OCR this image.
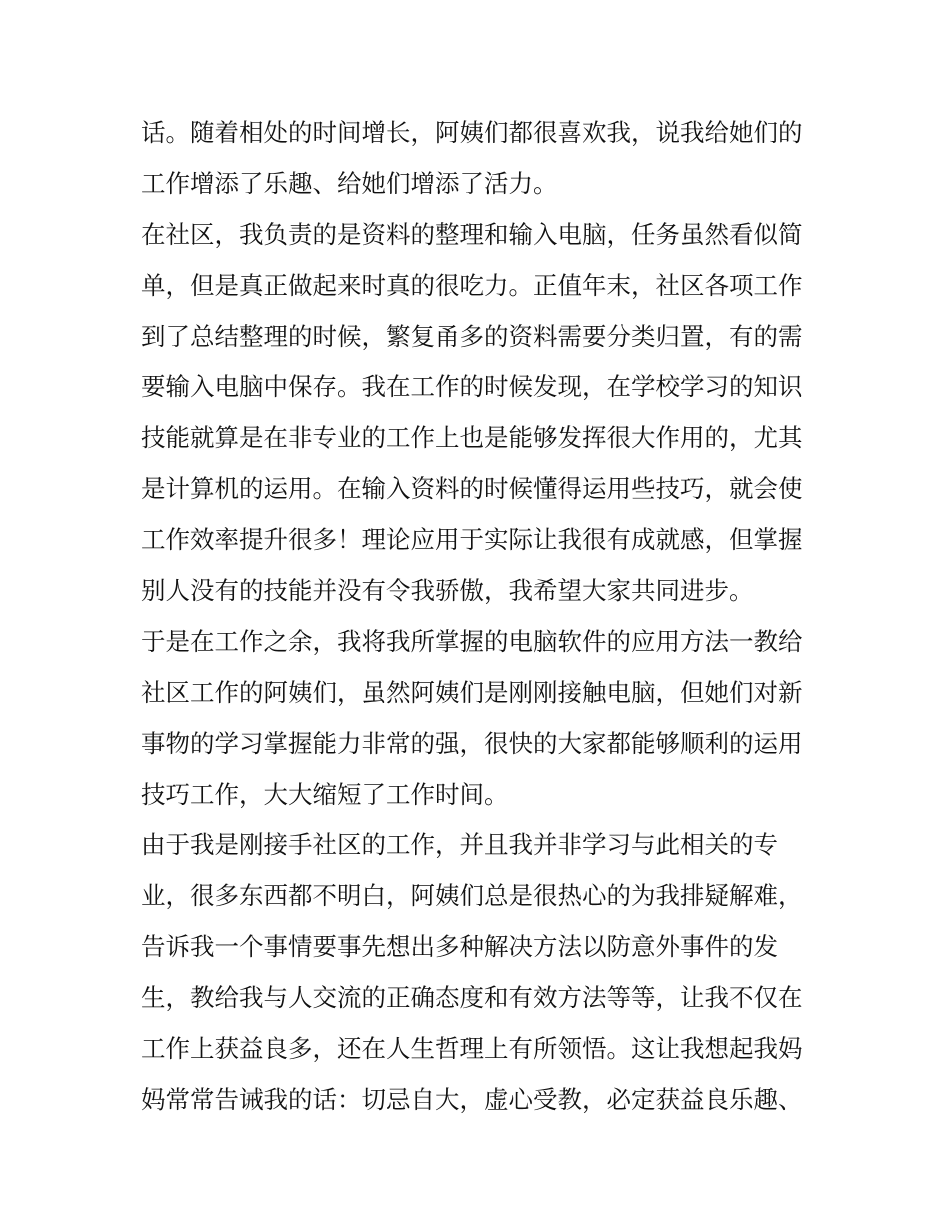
话。随着相处的时间增长，阿姨们都很喜欢我，说我给她们的
工作增添了乐趣、给她们增添了活力。
在社区，我负责的是资料的整理和输入电脑，任务虽然看似简
单，但是真正做起来时真的很吃力。正值年末，社区各项工作
到了总结整理的时候，繁复甬多的资料需要分类归置，有的需
要输入电脑中保存。我在工作的时候发现，在学校学习的知识
技能就算是在非专业的工作上也是能够发挥很大作用的，尤其
是计算机的运用。在输入资料的时候懂得运用些技巧，就会使
工作效率提升很多！理论应用于实际让我很有成就感，但掌握
别人没有的技能并没有令我骄傲，我希望大家共同进步。
于是在工作之余，我将我所掌握的电脑软件的应用方法一教给
社区工作的阿姨们，虽然阿姨们是刚刚接触电脑，但她们对新
事物的学习掌握能力非常的强，很快的大家都能够顺利的运用
技巧工作，大大缩短了工作时间。
由于我是刚接手社区的工作，并且我并非学习与此相关的专
业，很多东西都不明白，阿姨们总是很热心的为我排疑解难，
告诉我一个事情要事先想出多种解决方法以防意外事件的发
生，教给我与人交流的正确态度和有效方法等等，让我不仅在
工作上获益良多，还在人生哲理上有所领悟。这让我想起我妈
妈常常告诫我的话：切忌自大，虚心受教，必定获益良乐趣、
